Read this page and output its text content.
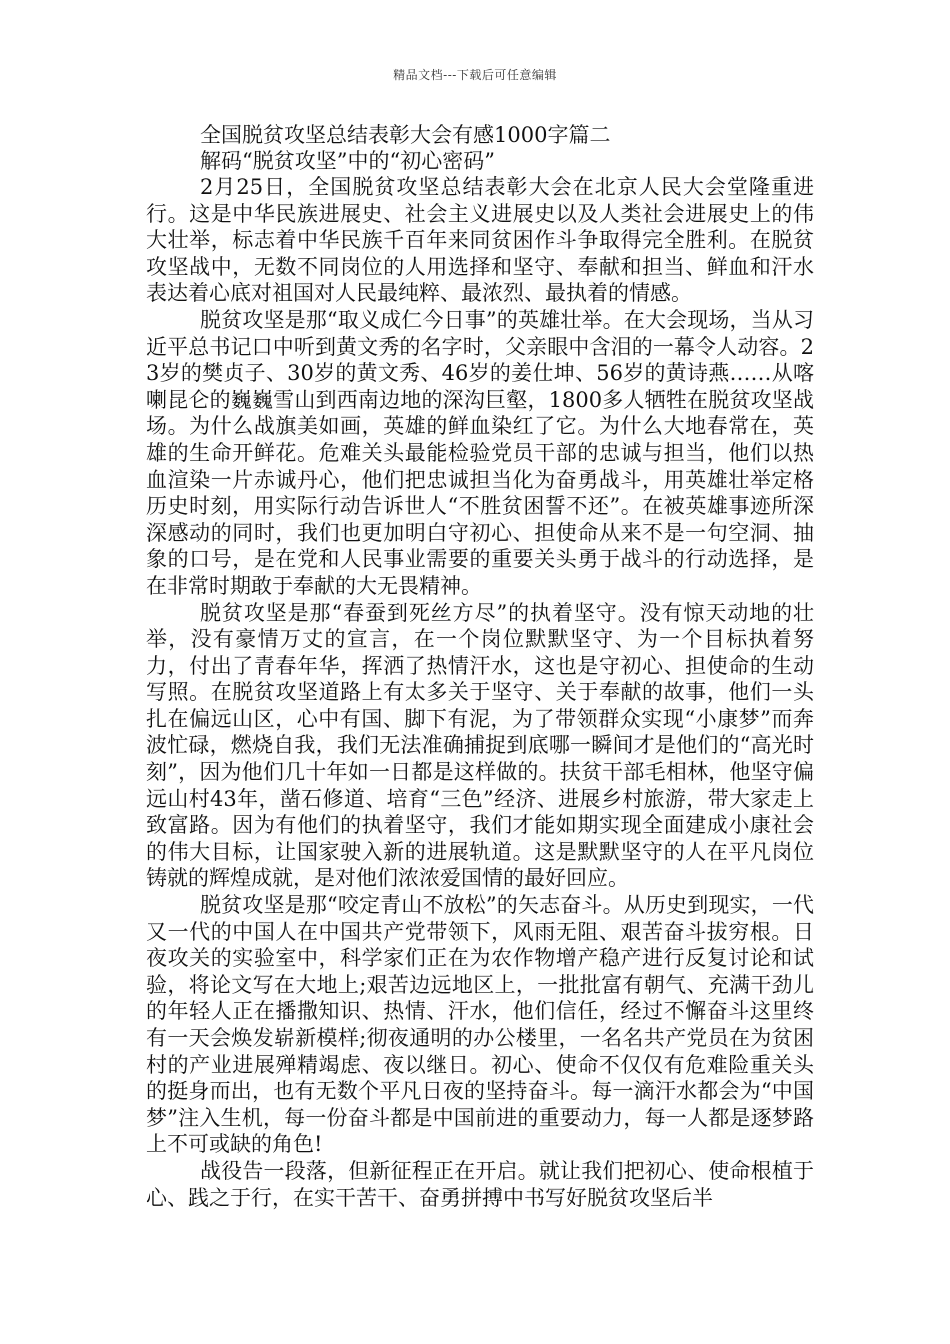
精品文档---下载后可任意编辑
全国脱贫攻坚总结表彰大会有感1000字篇二
解码“脱贫攻坚”中的“初心密码”

2月25日，全国脱贫攻坚总结表彰大会在北京人民大会堂隆重进行。这是中华民族进展史、社会主义进展史以及人类社会进展史上的伟大壮举，标志着中华民族千百年来同贫困作斗争取得完全胜利。在脱贫攻坚战中，无数不同岗位的人用选择和坚守、奉献和担当、鲜血和汗水表达着心底对祖国对人民最纯粹、最浓烈、最执着的情感。

脱贫攻坚是那“取义成仁今日事”的英雄壮举。在大会现场，当从习近平总书记口中听到黄文秀的名字时，父亲眼中含泪的一幕令人动容。23岁的樊贞子、30岁的黄文秀、46岁的姜仕坤、56岁的黄诗燕……从喀喇昆仑的巍巍雪山到西南边地的深沟巨壑，1800多人牺牲在脱贫攻坚战场。为什么战旗美如画，英雄的鲜血染红了它。为什么大地春常在，英雄的生命开鲜花。危难关头最能检验党员干部的忠诚与担当，他们以热血渲染一片赤诚丹心，他们把忠诚担当化为奋勇战斗，用英雄壮举定格历史时刻，用实际行动告诉世人“不胜贫困誓不还”。在被英雄事迹所深深感动的同时，我们也更加明白守初心、担使命从来不是一句空洞、抽象的口号，是在党和人民事业需要的重要关头勇于战斗的行动选择，是在非常时期敢于奉献的大无畏精神。

脱贫攻坚是那“春蚕到死丝方尽”的执着坚守。没有惊天动地的壮举，没有豪情万丈的宣言，在一个岗位默默坚守、为一个目标执着努力，付出了青春年华，挥洒了热情汗水，这也是守初心、担使命的生动写照。在脱贫攻坚道路上有太多关于坚守、关于奉献的故事，他们一头扎在偏远山区，心中有国、脚下有泥，为了带领群众实现“小康梦”而奔波忙碌，燃烧自我，我们无法准确捕捉到底哪一瞬间才是他们的“高光时刻”，因为他们几十年如一日都是这样做的。扶贫干部毛相林，他坚守偏远山村43年，凿石修道、培育“三色”经济、进展乡村旅游，带大家走上致富路。因为有他们的执着坚守，我们才能如期实现全面建成小康社会的伟大目标，让国家驶入新的进展轨道。这是默默坚守的人在平凡岗位铸就的辉煌成就，是对他们浓浓爱国情的最好回应。

脱贫攻坚是那“咬定青山不放松”的矢志奋斗。从历史到现实，一代又一代的中国人在中国共产党带领下，风雨无阻、艰苦奋斗拔穷根。日夜攻关的实验室中，科学家们正在为农作物增产稳产进行反复讨论和试验，将论文写在大地上;艰苦边远地区上，一批批富有朝气、充满干劲儿的年轻人正在播撒知识、热情、汗水，他们信任，经过不懈奋斗这里终有一天会焕发崭新模样;彻夜通明的办公楼里，一名名共产党员在为贫困村的产业进展殚精竭虑、夜以继日。初心、使命不仅仅有危难险重关头的挺身而出，也有无数个平凡日夜的坚持奋斗。每一滴汗水都会为“中国梦”注入生机，每一份奋斗都是中国前进的重要动力，每一人都是逐梦路上不可或缺的角色!

战役告一段落，但新征程正在开启。就让我们把初心、使命根植于心、践之于行，在实干苦干、奋勇拼搏中书写好脱贫攻坚后半
